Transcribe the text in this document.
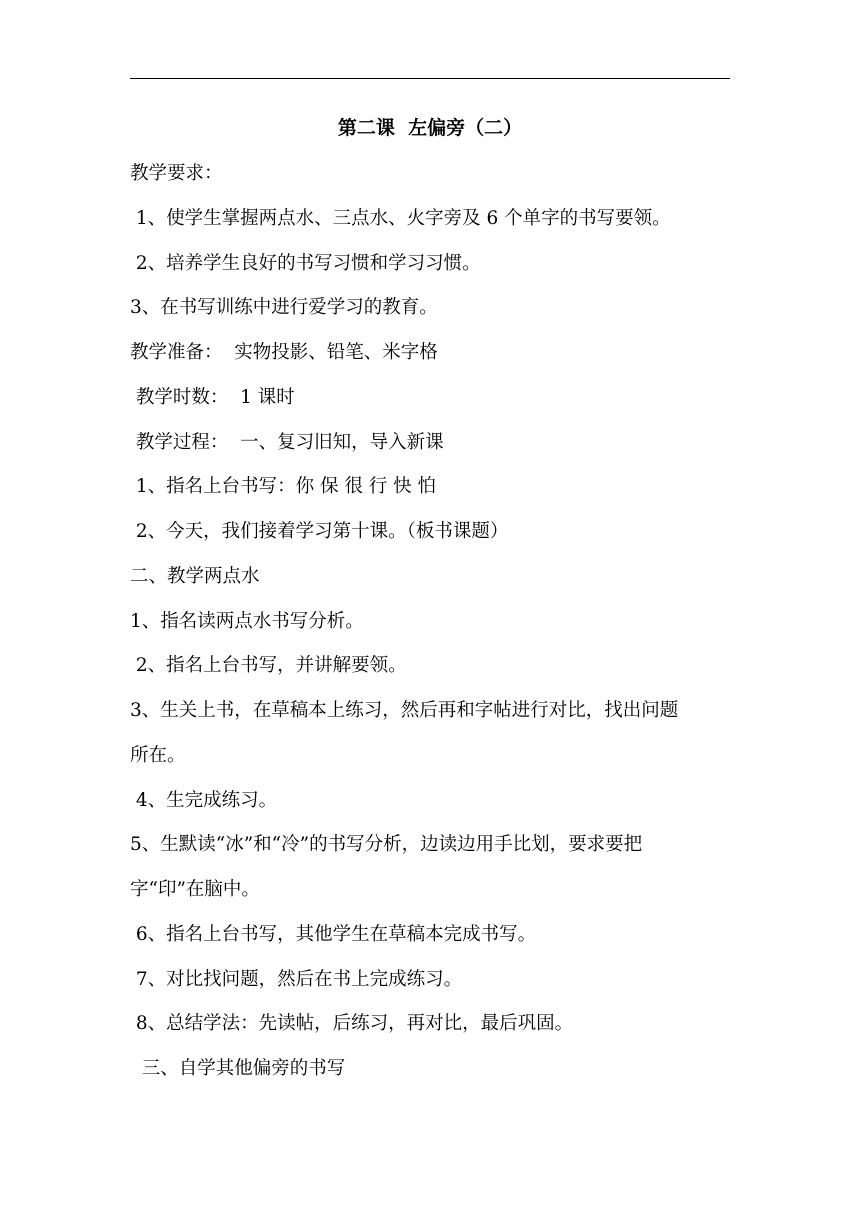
第二课  左偏旁（二）
教学要求：
1、使学生掌握两点水、三点水、火字旁及 6 个单字的书写要领。
2、培养学生良好的书写习惯和学习习惯。
3、在书写训练中进行爱学习的教育。
教学准备：  实物投影、铅笔、米字格
教学时数：  1 课时
教学过程：  一、复习旧知，导入新课
1、指名上台书写：你 保 很 行 快 怕
2、今天，我们接着学习第十课。（板书课题）
二、教学两点水
1、指名读两点水书写分析。
2、指名上台书写，并讲解要领。
3、生关上书，在草稿本上练习，然后再和字帖进行对比，找出问题
所在。
4、生完成练习。
5、生默读“冰”和“冷”的书写分析，边读边用手比划，要求要把
字“印”在脑中。
6、指名上台书写，其他学生在草稿本完成书写。
7、对比找问题，然后在书上完成练习。
8、总结学法：先读帖，后练习，再对比，最后巩固。
三、自学其他偏旁的书写
